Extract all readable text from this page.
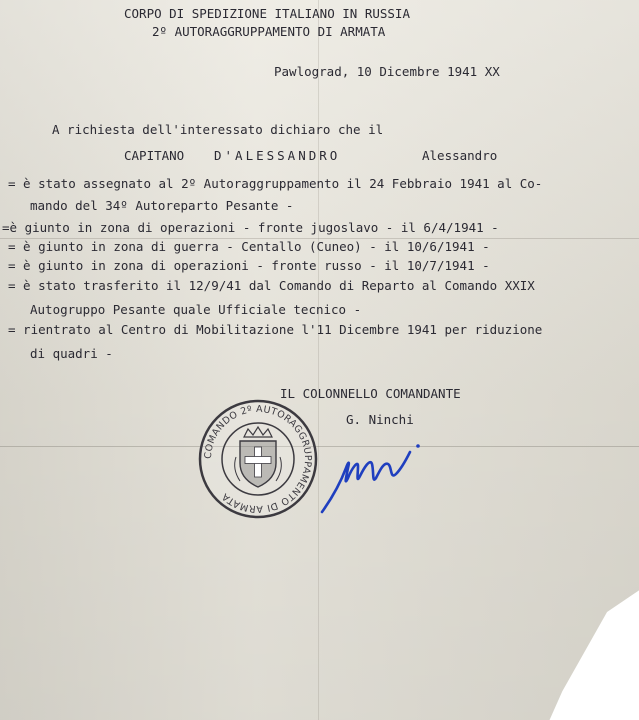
CORPO DI SPEDIZIONE ITALIANO IN RUSSIA
2º AUTORAGGRUPPAMENTO DI ARMATA
Pawlograd, 10 Dicembre 1941 XX
A richiesta dell'interessato dichiaro che il
CAPITANO D'ALESSANDRO	Alessandro
= è stato assegnato al 2º Autoraggruppamento il 24 Febbraio 1941 al Co-
mando del 34º Autoreparto Pesante -
=è giunto in zona di operazioni - fronte jugoslavo - il 6/4/1941 -
= è giunto in zona di guerra - Centallo (Cuneo) - il 10/6/1941 -
= è giunto in zona di operazioni - fronte russo - il 10/7/1941 -
= è stato trasferito il 12/9/41 dal Comando di Reparto al Comando XXIX
Autogruppo Pesante quale Ufficiale tecnico -
= rientrato al Centro di Mobilitazione l'11 Dicembre 1941 per riduzione
di quadri -
IL COLONNELLO COMANDANTE
G. Ninchi
COMANDO 2º AUTORAGGRUPPAMENTO DI ARMATA
